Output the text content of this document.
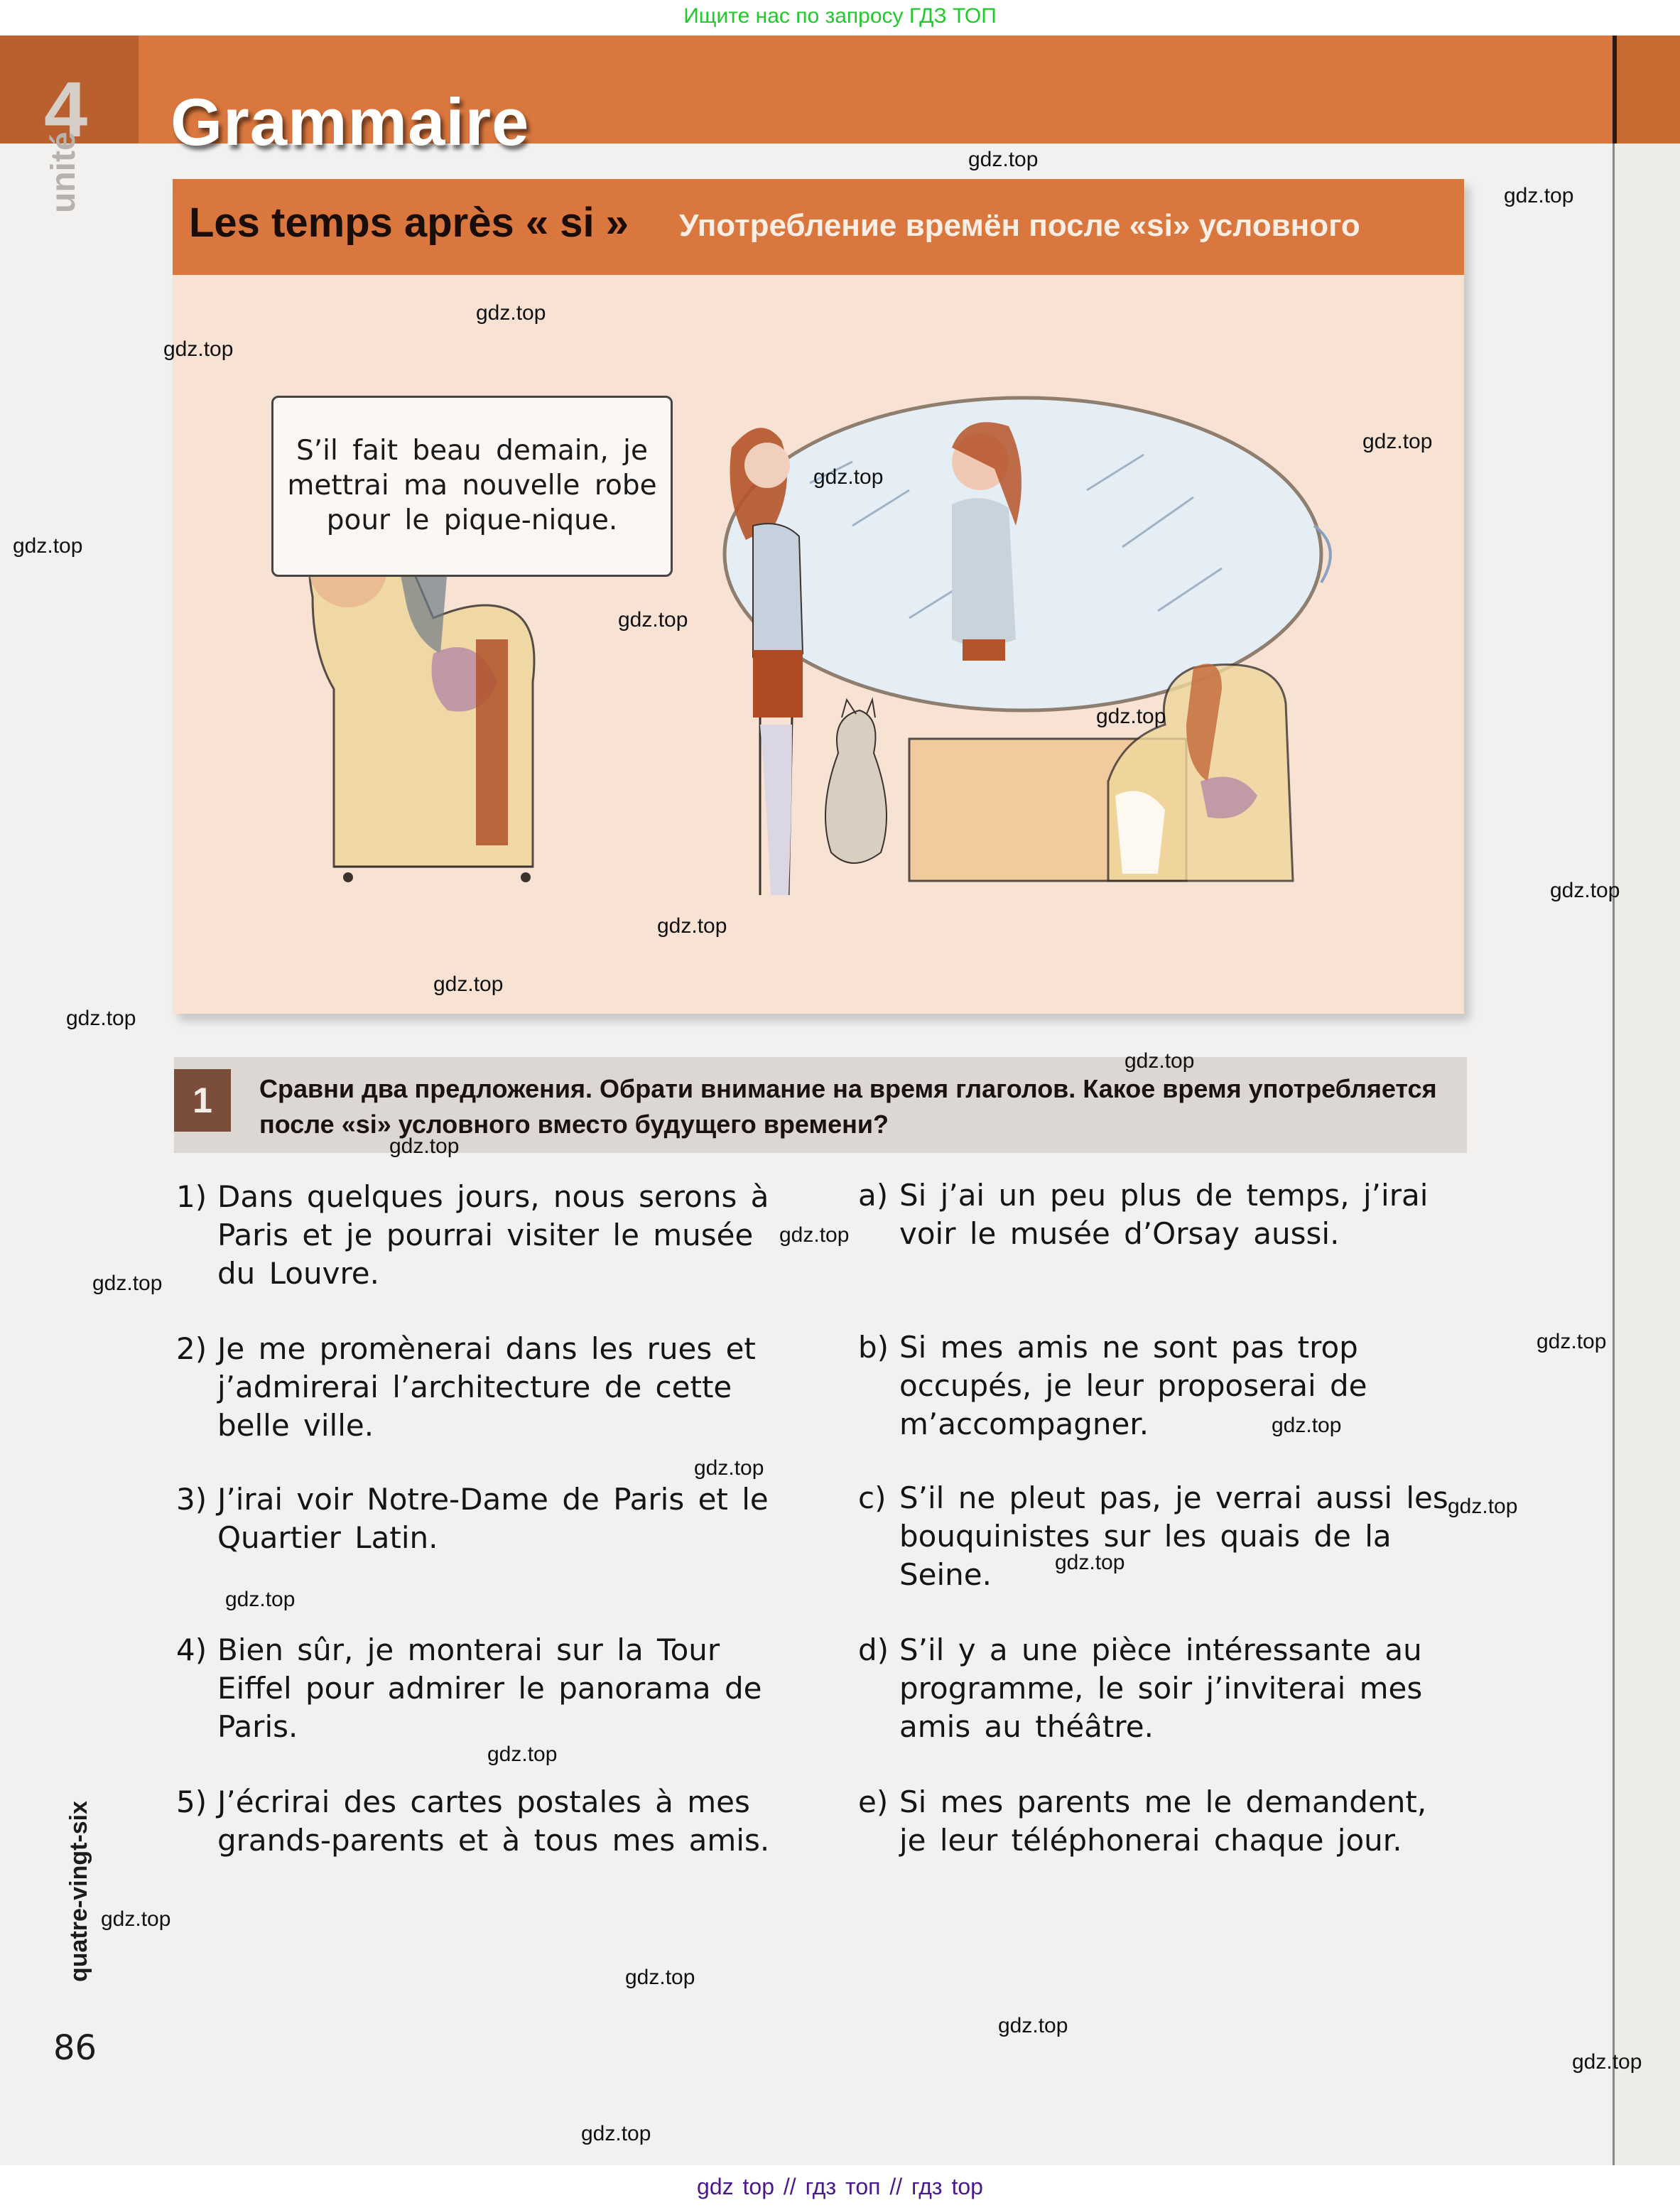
Ищите нас по запросу ГДЗ ТОП
4
unité
Grammaire
Les temps après « si » Употребление времён после «si» условного
S’il fait beau demain, je
mettrai ma nouvelle robe
pour le pique-nique.
1	Сравни два предложения. Обрати внимание на время глаголов. Какое время употребляется после «si» условного вместо будущего времени?
1) Dans quelques jours, nous serons à Paris et je pourrai visiter le musée du Louvre.
2) Je me promènerai dans les rues et j’admirerai l’architecture de cette belle ville.
3) J’irai voir Notre-Dame de Paris et le Quartier Latin.
4) Bien sûr, je monterai sur la Tour Eiffel pour admirer le panorama de Paris.
5) J’écrirai des cartes postales à mes grands-parents et à tous mes amis.
a) Si j’ai un peu plus de temps, j’irai voir le musée d’Orsay aussi.
b) Si mes amis ne sont pas trop occupés, je leur proposerai de m’accompagner.
c) S’il ne pleut pas, je verrai aussi les bouquinistes sur les quais de la Seine.
d) S’il y a une pièce intéressante au programme, le soir j’inviterai mes amis au théâtre.
e) Si mes parents me le demandent, je leur téléphonerai chaque jour.
quatre-vingt-six
86
gdz.top
gdz.top
gdz.top
gdz.top
gdz.top
gdz.top
gdz.top
gdz.top
gdz.top
gdz.top
gdz.top
gdz.top
gdz.top
gdz.top
gdz.top
gdz.top
gdz.top
gdz.top
gdz.top
gdz.top
gdz.top
gdz.top
gdz.top
gdz.top
gdz.top
gdz.top
gdz.top
gdz.top
gdz.top
gdz top // гдз топ // гдз top
